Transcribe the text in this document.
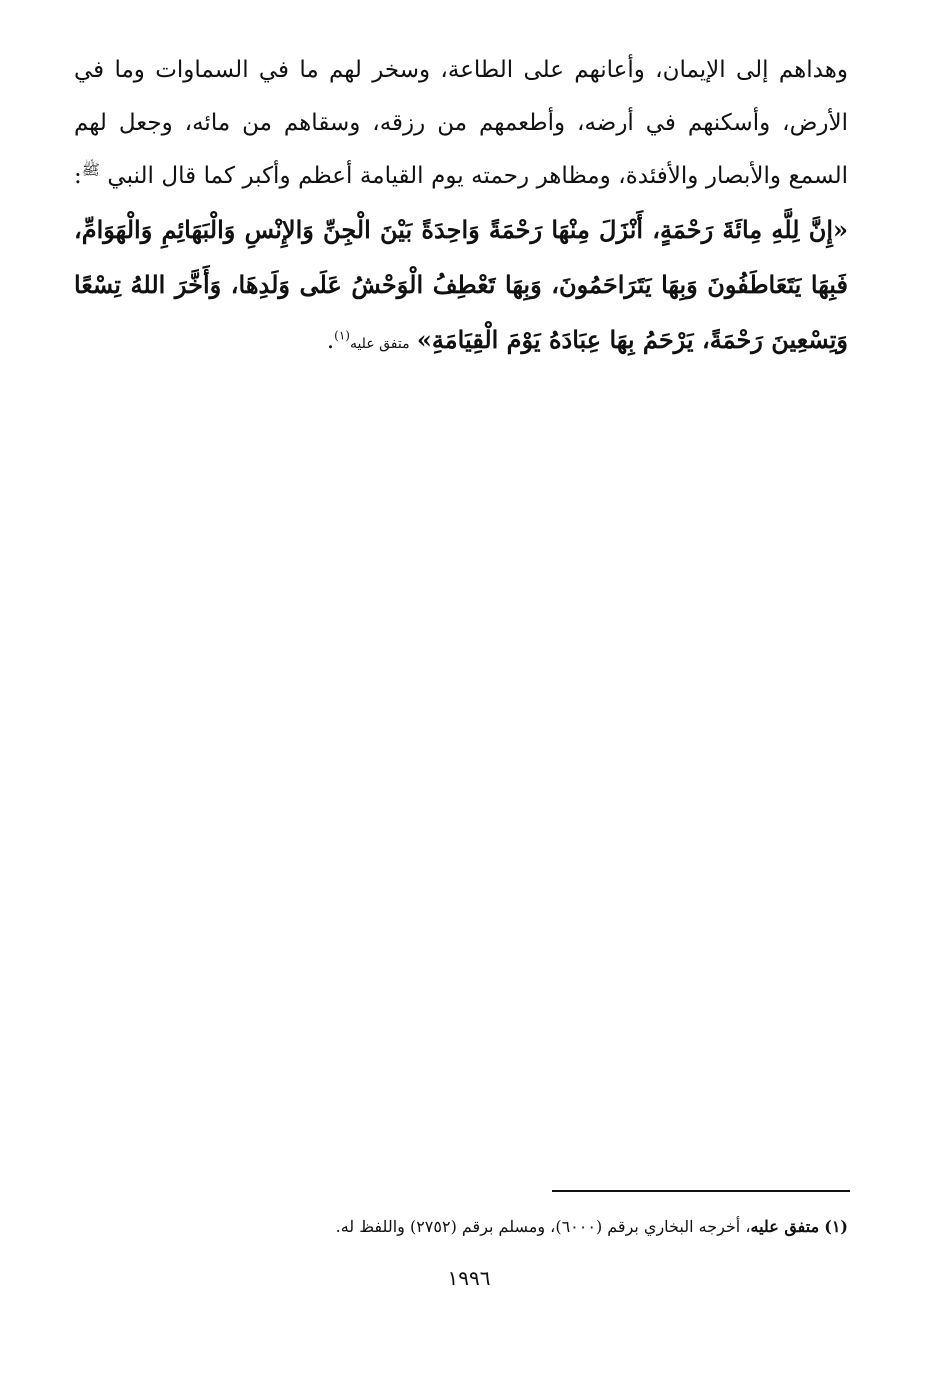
وهداهم إلى الإيمان، وأعانهم على الطاعة، وسخر لهم ما في السماوات وما في الأرض، وأسكنهم في أرضه، وأطعمهم من رزقه، وسقاهم من مائه، وجعل لهم السمع والأبصار والأفئدة، ومظاهر رحمته يوم القيامة أعظم وأكبر كما قال النبي $^ﷺ$: «إِنَّ لِلَّهِ مِائَةَ رَحْمَةٍ، أَنْزَلَ مِنْهَا رَحْمَةً وَاحِدَةً بَيْنَ الْجِنِّ وَالإِنْسِ وَالْبَهَائِمِ وَالْهَوَامِّ، فَبِهَا يَتَعَاطَفُونَ وَبِهَا يَتَرَاحَمُونَ، وَبِهَا تَعْطِفُ الْوَحْشُ عَلَى وَلَدِهَا، وَأَخَّرَ اللهُ تِسْعًا وَتِسْعِينَ رَحْمَةً، يَرْحَمُ بِهَا عِبَادَهُ يَوْمَ الْقِيَامَةِ» متفق عليه$^{(١)}$.

(١) متفق عليه، أخرجه البخاري برقم (٦٠٠٠)، ومسلم برقم (٢٧٥٢) واللفظ له.

١٩٩٦
